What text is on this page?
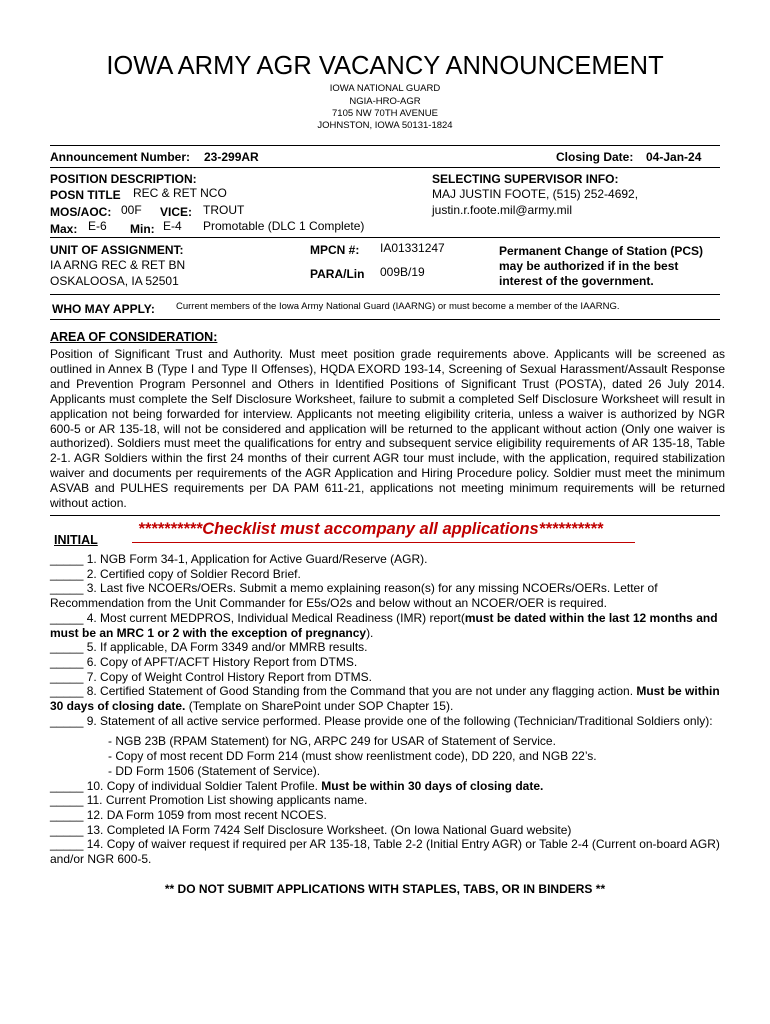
IOWA ARMY AGR VACANCY ANNOUNCEMENT
IOWA NATIONAL GUARD
NGIA-HRO-AGR
7105 NW 70TH AVENUE
JOHNSTON, IOWA 50131-1824
Announcement Number: 23-299AR	Closing Date: 04-Jan-24
POSITION DESCRIPTION:
POSN TITLE REC & RET NCO
MOS/AOC: 00F VICE: TROUT
Max: E-6 Min: E-4 Promotable (DLC 1 Complete)
SELECTING SUPERVISOR INFO:
MAJ JUSTIN FOOTE, (515) 252-4692,
justin.r.foote.mil@army.mil
UNIT OF ASSIGNMENT:
IA ARNG REC & RET BN
OSKALOOSA, IA 52501
MPCN #: IA01331247
PARA/Lin 009B/19
Permanent Change of Station (PCS)
may be authorized if in the best
interest of the government.
WHO MAY APPLY: Current members of the Iowa Army National Guard (IAARNG) or must become a member of the IAARNG.
AREA OF CONSIDERATION:
Position of Significant Trust and Authority. Must meet position grade requirements above. Applicants will be screened as outlined in Annex B (Type I and Type II Offenses), HQDA EXORD 193-14, Screening of Sexual Harassment/Assault Response and Prevention Program Personnel and Others in Identified Positions of Significant Trust (POSTA), dated 26 July 2014. Applicants must complete the Self Disclosure Worksheet, failure to submit a completed Self Disclosure Worksheet will result in application not being forwarded for interview. Applicants not meeting eligibility criteria, unless a waiver is authorized by NGR 600-5 or AR 135-18, will not be considered and application will be returned to the applicant without action (Only one waiver is authorized). Soldiers must meet the qualifications for entry and subsequent service eligibility requirements of AR 135-18, Table 2-1. AGR Soldiers within the first 24 months of their current AGR tour must include, with the application, required stabilization waiver and documents per requirements of the AGR Application and Hiring Procedure policy. Soldier must meet the minimum ASVAB and PULHES requirements per DA PAM 611-21, applications not meeting minimum requirements will be returned without action.
**********Checklist must accompany all applications**********
INITIAL
_____ 1. NGB Form 34-1, Application for Active Guard/Reserve (AGR).
_____ 2. Certified copy of Soldier Record Brief.
_____ 3. Last five NCOERs/OERs. Submit a memo explaining reason(s) for any missing NCOERs/OERs. Letter of Recommendation from the Unit Commander for E5s/O2s and below without an NCOER/OER is required.
_____ 4. Most current MEDPROS, Individual Medical Readiness (IMR) report(must be dated within the last 12 months and must be an MRC 1 or 2 with the exception of pregnancy).
_____ 5. If applicable, DA Form 3349 and/or MMRB results.
_____ 6. Copy of APFT/ACFT History Report from DTMS.
_____ 7. Copy of Weight Control History Report from DTMS.
_____ 8. Certified Statement of Good Standing from the Command that you are not under any flagging action. Must be within 30 days of closing date. (Template on SharePoint under SOP Chapter 15).
_____ 9. Statement of all active service performed. Please provide one of the following (Technician/Traditional Soldiers only):
- NGB 23B (RPAM Statement) for NG, ARPC 249 for USAR of Statement of Service.
- Copy of most recent DD Form 214 (must show reenlistment code), DD 220, and NGB 22’s.
- DD Form 1506 (Statement of Service).
_____ 10. Copy of individual Soldier Talent Profile. Must be within 30 days of closing date.
_____ 11. Current Promotion List showing applicants name.
_____ 12. DA Form 1059 from most recent NCOES.
_____ 13. Completed IA Form 7424 Self Disclosure Worksheet. (On Iowa National Guard website)
_____ 14. Copy of waiver request if required per AR 135-18, Table 2-2 (Initial Entry AGR) or Table 2-4 (Current on-board AGR) and/or NGR 600-5.
** DO NOT SUBMIT APPLICATIONS WITH STAPLES, TABS, OR IN BINDERS **
